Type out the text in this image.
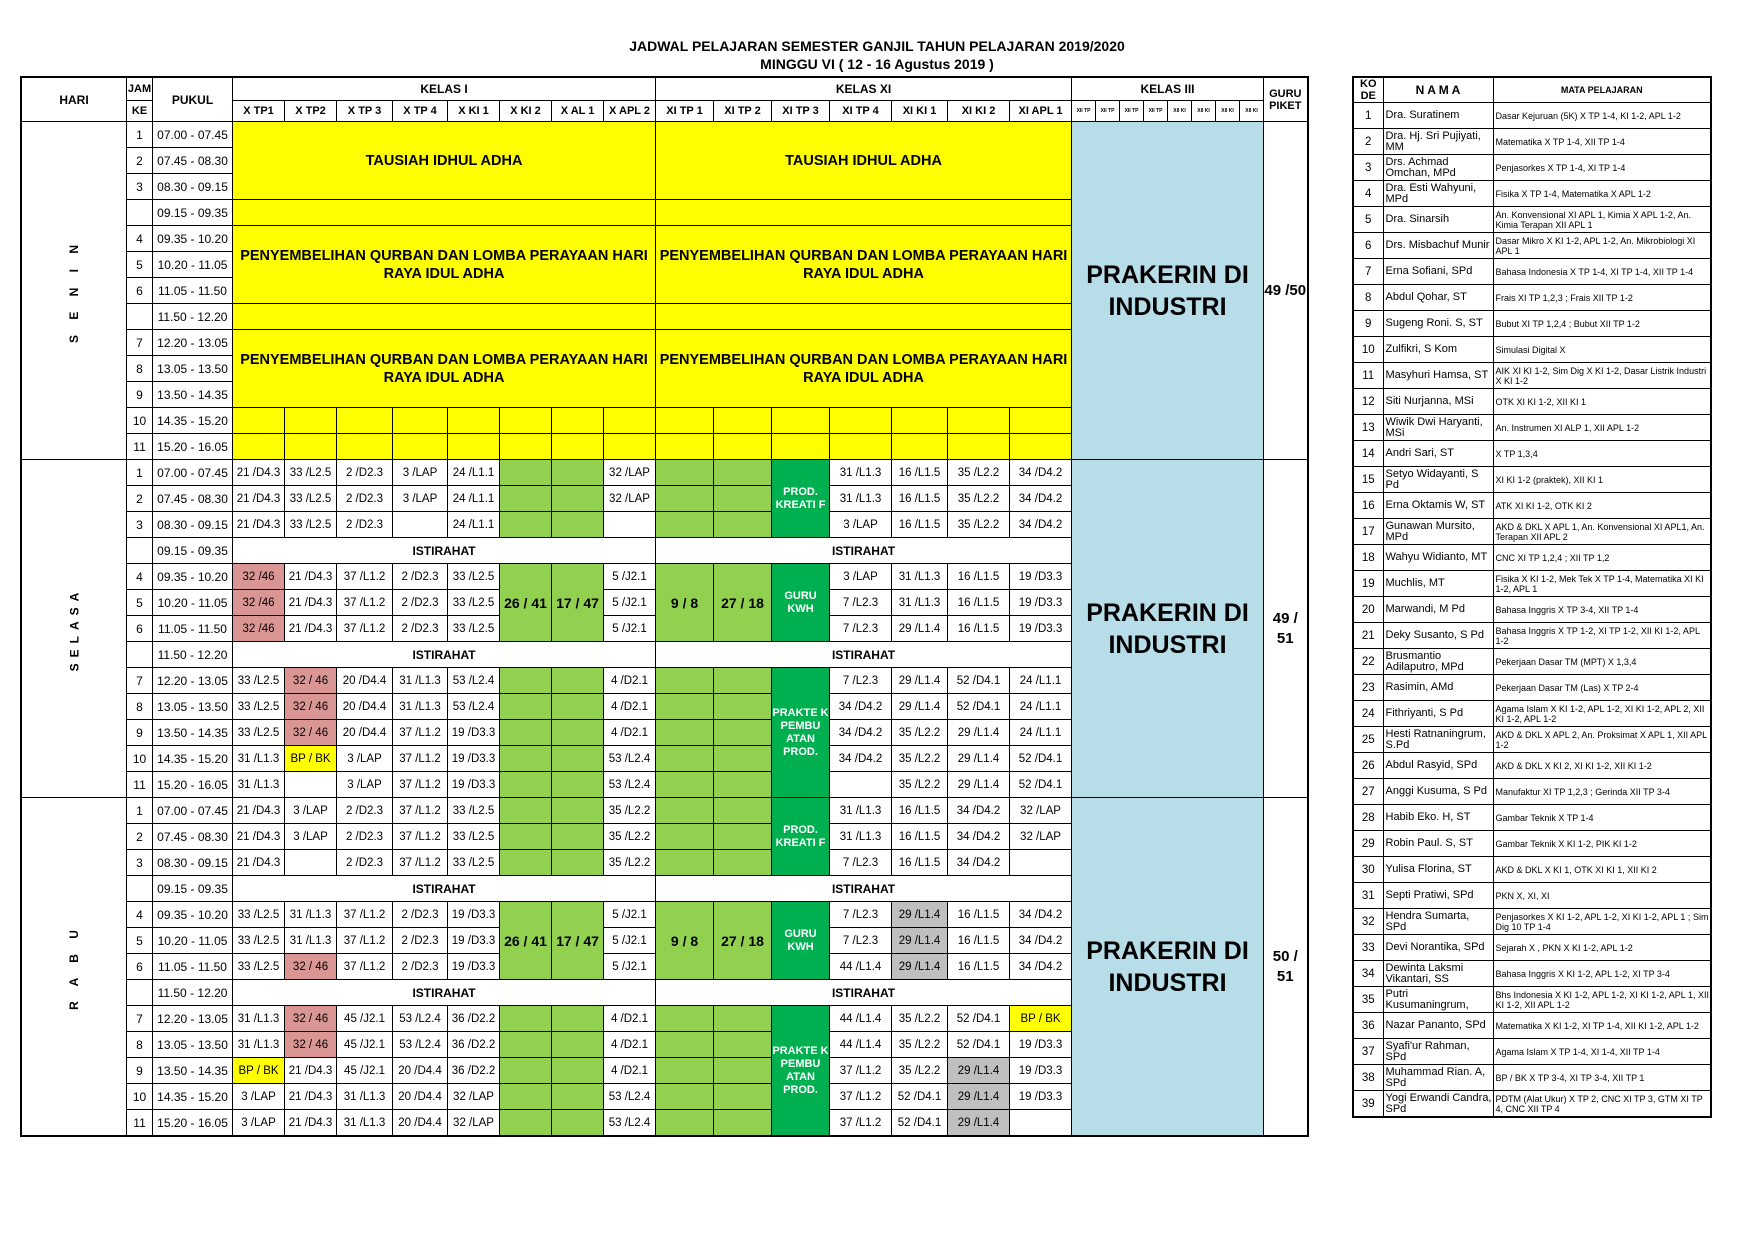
JADWAL PELAJARAN SEMESTER GANJIL TAHUN PELAJARAN 2019/2020
MINGGU VI ( 12 - 16 Agustus 2019 )
HARI	JAM	PUKUL	KELAS I								KELAS XI							KELAS III								GURU PIKET
	KE		X TP1	X TP2	X TP 3	X TP 4	X KI 1	X KI 2	X AL 1	X APL 2	XI TP 1	XI TP 2	XI TP 3	XI TP 4	XI KI 1	XI KI 2	XI APL 1	XII TP	XII TP	XII TP	XII TP	XII KI	XII KI	XII KI	XII KI	
S E N I N	1	07.00 - 07.45	TAUSIAH IDHUL ADHA								TAUSIAH IDHUL ADHA							PRAKERIN DI INDUSTRI								49 /50
	2	07.45 - 08.30																								
	3	08.30 - 09.15																								
		09.15 - 09.35																								
	4	09.35 - 10.20	PENYEMBELIHAN QURBAN DAN LOMBA PERAYAAN HARI RAYA IDUL ADHA								PENYEMBELIHAN QURBAN DAN LOMBA PERAYAAN HARI RAYA IDUL ADHA															
	5	10.20 - 11.05																								
	6	11.05 - 11.50																								
		11.50 - 12.20																								
	7	12.20 - 13.05	PENYEMBELIHAN QURBAN DAN LOMBA PERAYAAN HARI RAYA IDUL ADHA								PENYEMBELIHAN QURBAN DAN LOMBA PERAYAAN HARI RAYA IDUL ADHA															
	8	13.05 - 13.50																								
	9	13.50 - 14.35																								
	10	14.35 - 15.20																								
	11	15.20 - 16.05																								
SELASA	1	07.00 - 07.45	21 /D4.3	33 /L2.5	2 /D2.3	3 /LAP	24 /L1.1			32 /LAP			PROD. KREATI F	31 /L1.3	16 /L1.5	35 /L2.2	34 /D4.2	PRAKERIN DI INDUSTRI								49 / 51
	2	07.45 - 08.30	21 /D4.3	33 /L2.5	2 /D2.3	3 /LAP	24 /L1.1			32 /LAP				31 /L1.3	16 /L1.5	35 /L2.2	34 /D4.2									
	3	08.30 - 09.15	21 /D4.3	33 /L2.5	2 /D2.3		24 /L1.1							3 /LAP	16 /L1.5	35 /L2.2	34 /D4.2									
		09.15 - 09.35	ISTIRAHAT								ISTIRAHAT															
	4	09.35 - 10.20	32 /46	21 /D4.3	37 /L1.2	2 /D2.3	33 /L2.5	26 / 41	17 / 47	5 /J2.1	9 / 8	27 / 18	GURU KWH	3 /LAP	31 /L1.3	16 /L1.5	19 /D3.3									
	5	10.20 - 11.05	32 /46	21 /D4.3	37 /L1.2	2 /D2.3	33 /L2.5			5 /J2.1				7 /L2.3	31 /L1.3	16 /L1.5	19 /D3.3									
	6	11.05 - 11.50	32 /46	21 /D4.3	37 /L1.2	2 /D2.3	33 /L2.5			5 /J2.1				7 /L2.3	29 /L1.4	16 /L1.5	19 /D3.3									
		11.50 - 12.20	ISTIRAHAT								ISTIRAHAT															
	7	12.20 - 13.05	33 /L2.5	32 / 46	20 /D4.4	31 /L1.3	53 /L2.4			4 /D2.1			PRAKTE K PEMBU ATAN PROD.	7 /L2.3	29 /L1.4	52 /D4.1	24 /L1.1									
	8	13.05 - 13.50	33 /L2.5	32 / 46	20 /D4.4	31 /L1.3	53 /L2.4			4 /D2.1				34 /D4.2	29 /L1.4	52 /D4.1	24 /L1.1									
	9	13.50 - 14.35	33 /L2.5	32 / 46	20 /D4.4	37 /L1.2	19 /D3.3			4 /D2.1				34 /D4.2	35 /L2.2	29 /L1.4	24 /L1.1									
	10	14.35 - 15.20	31 /L1.3	BP / BK	3 /LAP	37 /L1.2	19 /D3.3			53 /L2.4				34 /D4.2	35 /L2.2	29 /L1.4	52 /D4.1									
	11	15.20 - 16.05	31 /L1.3		3 /LAP	37 /L1.2	19 /D3.3			53 /L2.4					35 /L2.2	29 /L1.4	52 /D4.1									
R A B U	1	07.00 - 07.45	21 /D4.3	3 /LAP	2 /D2.3	37 /L1.2	33 /L2.5			35 /L2.2			PROD. KREATI F	31 /L1.3	16 /L1.5	34 /D4.2	32 /LAP	PRAKERIN DI INDUSTRI								50 / 51
	2	07.45 - 08.30	21 /D4.3	3 /LAP	2 /D2.3	37 /L1.2	33 /L2.5			35 /L2.2				31 /L1.3	16 /L1.5	34 /D4.2	32 /LAP									
	3	08.30 - 09.15	21 /D4.3		2 /D2.3	37 /L1.2	33 /L2.5			35 /L2.2				7 /L2.3	16 /L1.5	34 /D4.2										
		09.15 - 09.35	ISTIRAHAT								ISTIRAHAT															
	4	09.35 - 10.20	33 /L2.5	31 /L1.3	37 /L1.2	2 /D2.3	19 /D3.3	26 / 41	17 / 47	5 /J2.1	9 / 8	27 / 18	GURU KWH	7 /L2.3	29 /L1.4	16 /L1.5	34 /D4.2									
	5	10.20 - 11.05	33 /L2.5	31 /L1.3	37 /L1.2	2 /D2.3	19 /D3.3			5 /J2.1				7 /L2.3	29 /L1.4	16 /L1.5	34 /D4.2									
	6	11.05 - 11.50	33 /L2.5	32 / 46	37 /L1.2	2 /D2.3	19 /D3.3			5 /J2.1				44 /L1.4	29 /L1.4	16 /L1.5	34 /D4.2									
		11.50 - 12.20	ISTIRAHAT								ISTIRAHAT															
	7	12.20 - 13.05	31 /L1.3	32 / 46	45 /J2.1	53 /L2.4	36 /D2.2			4 /D2.1			PRAKTE K PEMBU ATAN PROD.	44 /L1.4	35 /L2.2	52 /D4.1	BP / BK									
	8	13.05 - 13.50	31 /L1.3	32 / 46	45 /J2.1	53 /L2.4	36 /D2.2			4 /D2.1				44 /L1.4	35 /L2.2	52 /D4.1	19 /D3.3									
	9	13.50 - 14.35	BP / BK	21 /D4.3	45 /J2.1	20 /D4.4	36 /D2.2			4 /D2.1				37 /L1.2	35 /L2.2	29 /L1.4	19 /D3.3									
	10	14.35 - 15.20	3 /LAP	21 /D4.3	31 /L1.3	20 /D4.4	32 /LAP			53 /L2.4				37 /L1.2	52 /D4.1	29 /L1.4	19 /D3.3									
	11	15.20 - 16.05	3 /LAP	21 /D4.3	31 /L1.3	20 /D4.4	32 /LAP			53 /L2.4				37 /L1.2	52 /D4.1	29 /L1.4										
KO DE	N A M A	MATA PELAJARAN

1	Dra. Suratinem	Dasar Kejuruan (5K) X TP 1-4, KI 1-2, APL 1-2
2	Dra. Hj. Sri Pujiyati, MM	Matematika X TP 1-4, XII TP 1-4
3	Drs. Achmad Omchan, MPd	Penjasorkes X TP 1-4, XI TP 1-4
4	Dra. Esti Wahyuni, MPd	Fisika X TP 1-4, Matematika X APL 1-2
5	Dra. Sinarsih	An. Konvensional XI APL 1, Kimia X APL 1-2, An. Kimia Terapan XII APL 1
6	Drs. Misbachuf Munir	Dasar Mikro X KI 1-2, APL 1-2, An. Mikrobiologi XI APL 1
7	Erna Sofiani, SPd	Bahasa Indonesia X TP 1-4, XI TP 1-4, XII TP 1-4
8	Abdul Qohar, ST	Frais XI TP 1,2,3 ; Frais XII TP 1-2
9	Sugeng Roni. S, ST	Bubut XI TP 1,2,4 ; Bubut XII TP 1-2
10	Zulfikri, S Kom	Simulasi Digital X
11	Masyhuri Hamsa, ST	AIK XI KI 1-2, Sim Dig X KI 1-2, Dasar Listrik Industri X KI 1-2
12	Siti Nurjanna, MSi	OTK XI KI 1-2, XII KI 1
13	Wiwik Dwi Haryanti, MSi	An. Instrumen XI ALP 1, XII APL 1-2
14	Andri Sari, ST	X TP 1,3,4
15	Setyo Widayanti, S Pd	XI KI 1-2 (praktek), XII KI 1
16	Erna Oktamis W, ST	ATK XI KI 1-2, OTK KI 2
17	Gunawan Mursito, MPd	AKD & DKL X APL 1, An. Konvensional XI APL1, An. Terapan XII APL 2
18	Wahyu Widianto, MT	CNC XI TP 1,2,4 ; XII TP 1,2
19	Muchlis, MT	Fisika X KI 1-2, Mek Tek X TP 1-4, Matematika XI KI 1-2, APL 1
20	Marwandi, M Pd	Bahasa Inggris X TP 3-4, XII TP 1-4
21	Deky Susanto, S Pd	Bahasa Inggris X TP 1-2, XI TP 1-2, XII KI 1-2, APL 1-2
22	Brusmantio Adilaputro, MPd	Pekerjaan Dasar TM (MPT) X 1,3,4
23	Rasimin, AMd	Pekerjaan Dasar TM (Las) X TP 2-4
24	Fithriyanti, S Pd	Agama Islam X KI 1-2, APL 1-2, XI KI 1-2, APL 2, XII KI 1-2, APL 1-2
25	Hesti Ratnaningrum, S.Pd	AKD & DKL X APL 2, An. Proksimat X APL 1, XII APL 1-2
26	Abdul Rasyid, SPd	AKD & DKL X KI 2, XI KI 1-2, XII KI 1-2
27	Anggi Kusuma, S Pd	Manufaktur XI TP 1,2,3 ; Gerinda XII TP 3-4
28	Habib Eko. H, ST	Gambar Teknik X TP 1-4
29	Robin Paul. S, ST	Gambar Teknik X KI 1-2, PIK KI 1-2
30	Yulisa Florina, ST	AKD & DKL X KI 1, OTK XI KI 1, XII KI 2
31	Septi Pratiwi, SPd	PKN X, XI, XI
32	Hendra Sumarta, SPd	Penjasorkes X KI 1-2, APL 1-2, XI KI 1-2, APL 1 ; Sim Dig 10 TP 1-4
33	Devi Norantika, SPd	Sejarah X , PKN X KI 1-2, APL 1-2
34	Dewinta Laksmi Vikantari, SS	Bahasa Inggris X KI 1-2, APL 1-2, XI TP 3-4
35	Putri Kusumaningrum,	Bhs Indonesia X KI 1-2, APL 1-2, XI KI 1-2, APL 1, XII KI 1-2, XII APL 1-2
36	Nazar Pananto, SPd	Matematika X KI 1-2, XI TP 1-4, XII KI 1-2, APL 1-2
37	Syafi'ur Rahman, SPd	Agama Islam X TP 1-4, XI 1-4, XII TP 1-4
38	Muhammad Rian. A, SPd	BP / BK X TP 3-4, XI TP 3-4, XII TP 1
39	Yogi Erwandi Candra, SPd	PDTM (Alat Ukur) X TP 2, CNC XI TP 3, GTM XI TP 4, CNC XII TP 4
